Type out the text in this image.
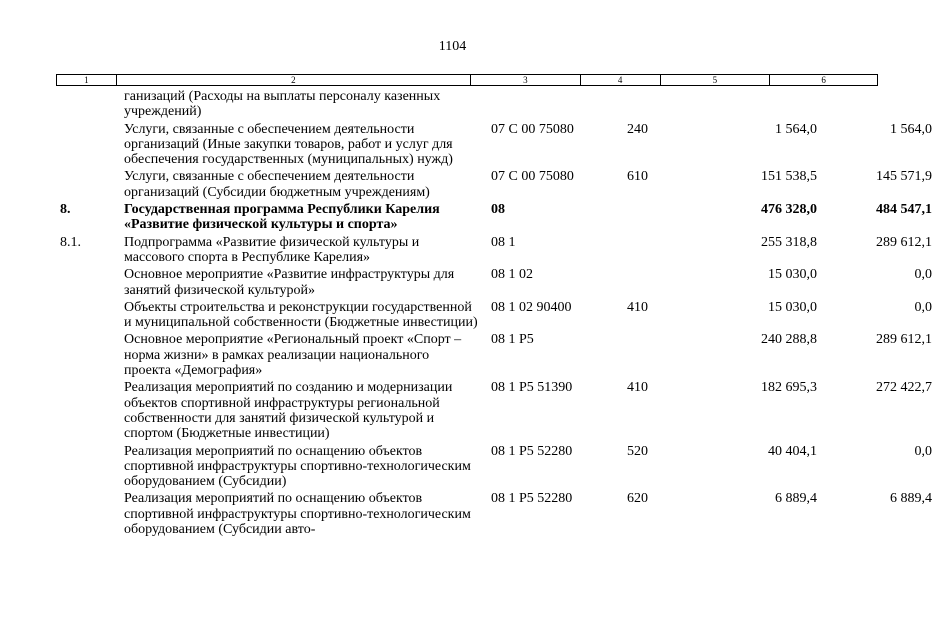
1104
1	2	3	4	5	6
	ганизаций (Расходы на выплаты персоналу казенных учреждений)				
	Услуги, связанные с обеспечением деятельности организаций (Иные закупки товаров, работ и услуг для обеспечения государственных (муниципальных) нужд)	07 С 00 75080	240	1 564,0	1 564,0
	Услуги, связанные с обеспечением деятельности организаций (Субсидии бюджетным учреждениям)	07 С 00 75080	610	151 538,5	145 571,9
8.	Государственная программа Республики Карелия «Развитие физической культуры и спорта»	08		476 328,0	484 547,1
8.1.	Подпрограмма «Развитие физической культуры и массового спорта в Республике Карелия»	08 1		255 318,8	289 612,1
	Основное мероприятие «Развитие инфраструктуры для занятий физической культурой»	08 1 02		15 030,0	0,0
	Объекты строительства и реконструкции государственной и муниципальной собственности (Бюджетные инвестиции)	08 1 02 90400	410	15 030,0	0,0
	Основное мероприятие «Региональный проект «Спорт – норма жизни» в рамках реализации национального проекта «Демография»	08 1 Р5		240 288,8	289 612,1
	Реализация мероприятий по созданию и модернизации объектов спортивной инфраструктуры региональной собственности для занятий физической культурой и спортом (Бюджетные инвестиции)	08 1 Р5 51390	410	182 695,3	272 422,7
	Реализация мероприятий по оснащению объектов спортивной инфраструктуры спортивно-технологическим оборудованием (Субсидии)	08 1 Р5 52280	520	40 404,1	0,0
	Реализация мероприятий по оснащению объектов спортивной инфраструктуры спортивно-технологическим оборудованием (Субсидии авто-	08 1 Р5 52280	620	6 889,4	6 889,4
